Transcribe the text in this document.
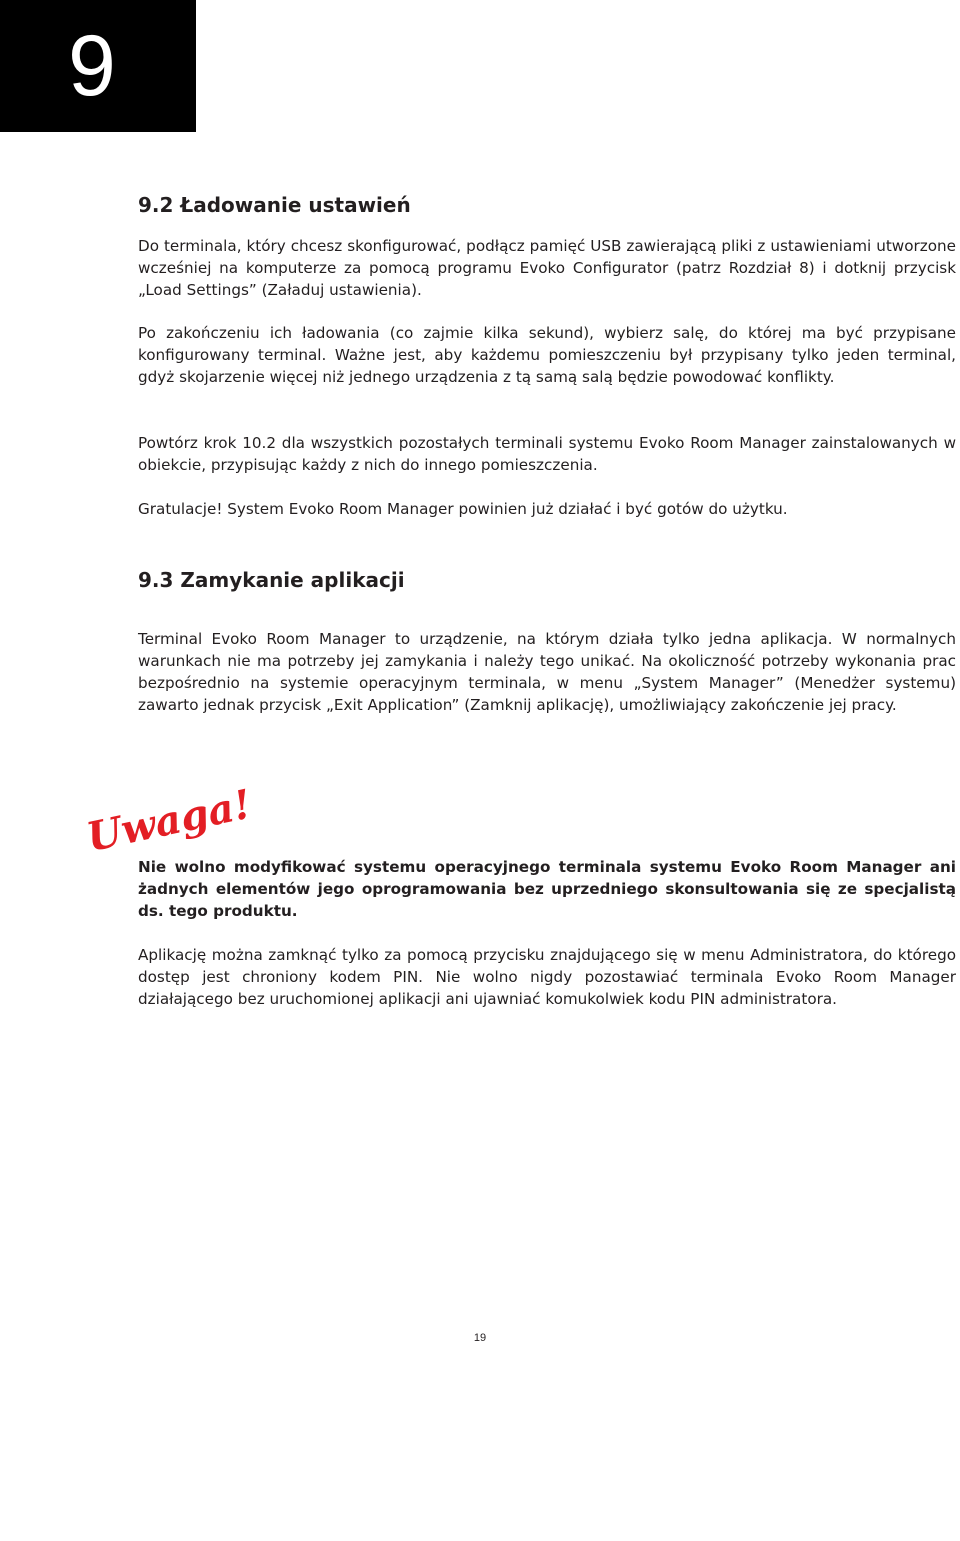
9
9.2 Ładowanie ustawień

Do terminala, który chcesz skonfigurować, podłącz pamięć USB zawierającą pliki z ustawieniami utworzone wcześniej na komputerze za pomocą programu Evoko Configurator (patrz Rozdział 8) i dotknij przycisk „Load Settings” (Załaduj ustawienia).

Po zakończeniu ich ładowania (co zajmie kilka sekund), wybierz salę, do której ma być przypisane konfigurowany terminal. Ważne jest, aby każdemu pomieszczeniu był przypisany tylko jeden terminal, gdyż skojarzenie więcej niż jednego urządzenia z tą samą salą będzie powodować konflikty.

Powtórz krok 10.2 dla wszystkich pozostałych terminali systemu Evoko Room Manager zainstalowanych w obiekcie, przypisując każdy z nich do innego pomieszczenia.

Gratulacje! System Evoko Room Manager powinien już działać i być gotów do użytku.

9.3 Zamykanie aplikacji

Terminal Evoko Room Manager to urządzenie, na którym działa tylko jedna aplikacja. W normalnych warunkach nie ma potrzeby jej zamykania i należy tego unikać. Na okoliczność potrzeby wykonania prac bezpośrednio na systemie operacyjnym terminala, w menu „System Manager” (Menedżer systemu) zawarto jednak przycisk „Exit Application” (Zamknij aplikację), umożliwiający zakończenie jej pracy.

Nie wolno modyfikować systemu operacyjnego terminala systemu Evoko Room Manager ani żadnych elementów jego oprogramowania bez uprzedniego skonsultowania się ze specjalistą ds. tego produktu.

Aplikację można zamknąć tylko za pomocą przycisku znajdującego się w menu Administratora, do którego dostęp jest chroniony kodem PIN. Nie wolno nigdy pozostawiać terminala Evoko Room Manager działającego bez uruchomionej aplikacji ani ujawniać komukolwiek kodu PIN administratora.

Uwaga!
19
